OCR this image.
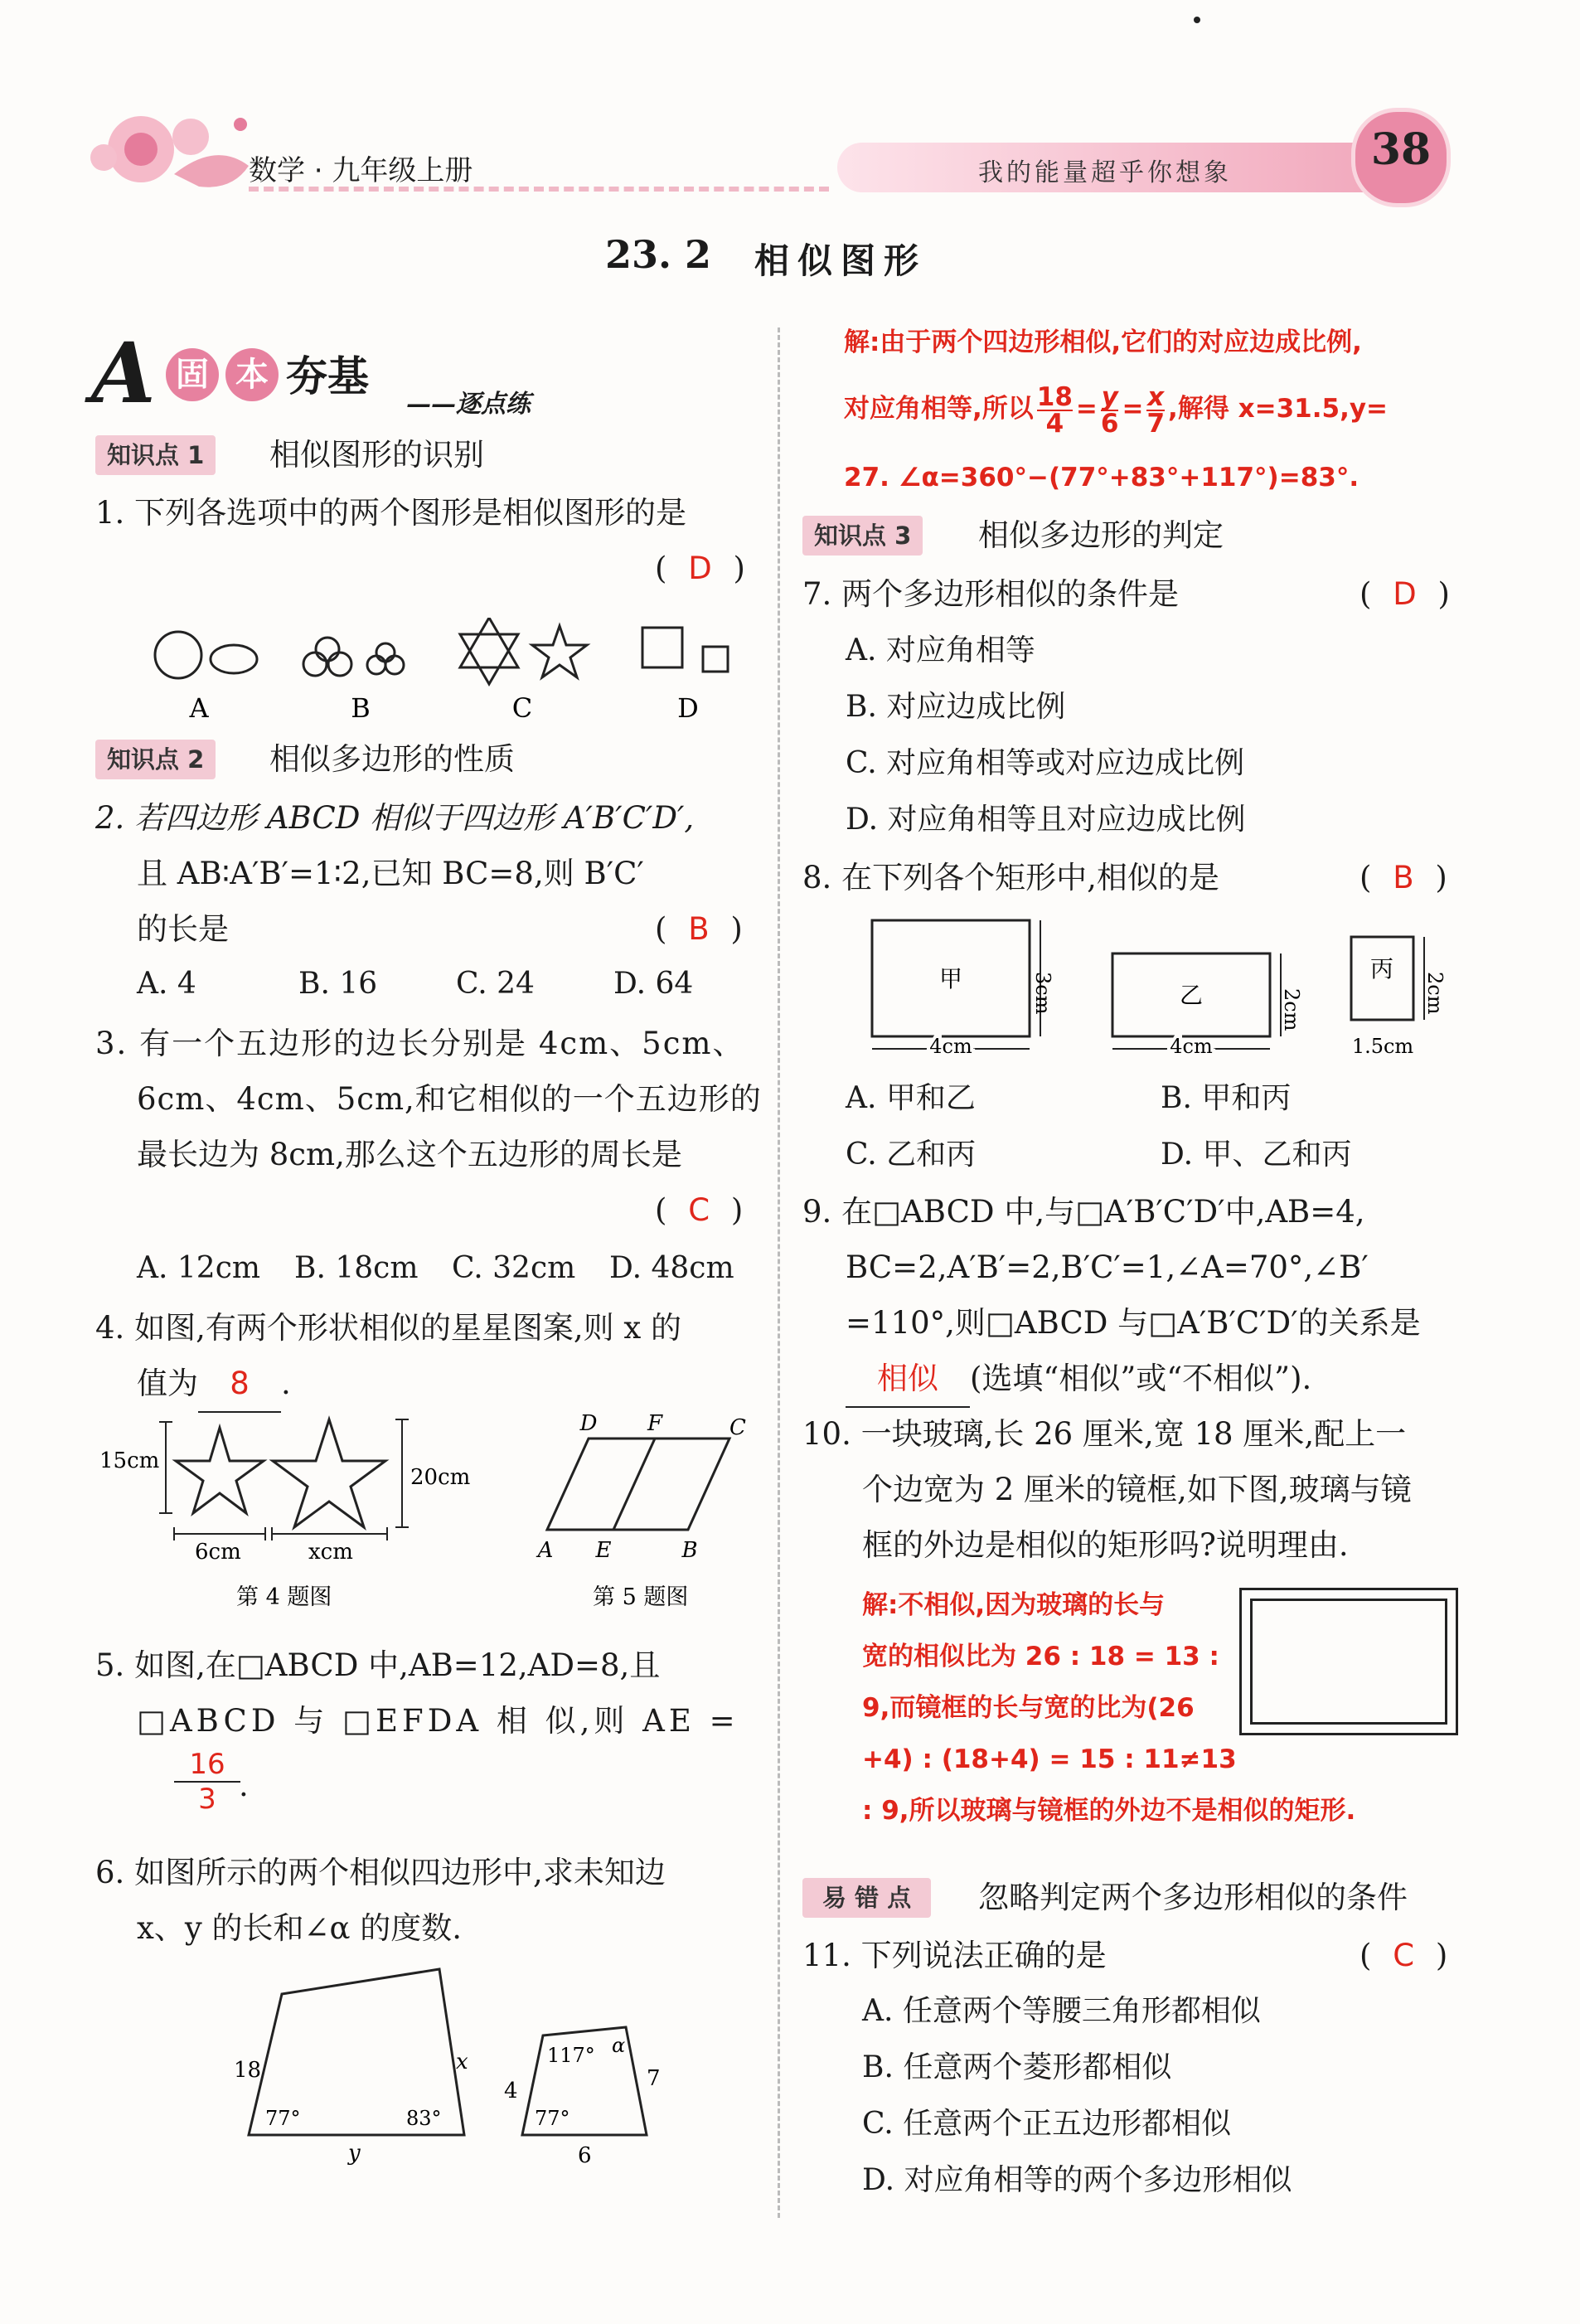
数学 · 九年级上册	我的能量超乎你想象	38
23. 2 相似图形
A 固 本 夯基
——逐点练
知识点 1	相似图形的识别
1. 下列各选项中的两个图形是相似图形的是
( D )
A	B	C	D
知识点 2	相似多边形的性质
2. 若四边形 ABCD 相似于四边形 A′B′C′D′,
且 AB∶A′B′=1∶2,已知 BC=8,则 B′C′
的长是	( B )
A. 4	B. 16	C. 24	D. 64
3. 有一个五边形的边长分别是 4cm、5cm、
6cm、4cm、5cm,和它相似的一个五边形的
最长边为 8cm,那么这个五边形的周长是
( C )
A. 12cm B. 18cm C. 32cm D. 48cm
4. 如图,有两个形状相似的星星图案,则 x 的
值为 8 .
15cm
20cm
6cm	xcm
第 4 题图
D F	C
A E	B
第 5 题图
5. 如图,在□ABCD 中,AB=12,AD=8,且
□ABCD 与 □EFDA 相 似,则 AE =
16
3 .
6. 如图所示的两个相似四边形中,求未知边
x、y 的长和∠α 的度数.
18	x
77°	83°
y
4
117° α
7
77°
6
解:由于两个四边形相似,它们的对应边成比例,
对应角相等,所以 $\frac{18}{4} = \frac{y}{6} = \frac{x}{7}$ ,解得 x=31.5,y=
27. ∠α=360°−(77°+83°+117°)=83°.
知识点 3	相似多边形的判定
7. 两个多边形相似的条件是	( D )
A. 对应角相等
B. 对应边成比例
C. 对应角相等或对应边成比例
D. 对应角相等且对应边成比例
8. 在下列各个矩形中,相似的是	( B )
甲	3cm
4cm
乙	2cm
4cm
丙
2cm
1.5cm
A. 甲和乙	B. 甲和丙
C. 乙和丙	D. 甲、乙和丙
9. 在□ABCD 中,与□A′B′C′D′中,AB=4,
BC=2,A′B′=2,B′C′=1,∠A=70°,∠B′
=110°,则□ABCD 与□A′B′C′D′的关系是
相似 (选填“相似”或“不相似”).
10. 一块玻璃,长 26 厘米,宽 18 厘米,配上一
个边宽为 2 厘米的镜框,如下图,玻璃与镜
框的外边是相似的矩形吗?说明理由.
解:不相似,因为玻璃的长与
宽的相似比为 26 : 18 = 13 :
9,而镜框的长与宽的比为(26
+4) : (18+4) = 15 : 11≠13
: 9,所以玻璃与镜框的外边不是相似的矩形.
易 错 点	忽略判定两个多边形相似的条件
11. 下列说法正确的是	( C )
A. 任意两个等腰三角形都相似
B. 任意两个菱形都相似
C. 任意两个正五边形都相似
D. 对应角相等的两个多边形相似
